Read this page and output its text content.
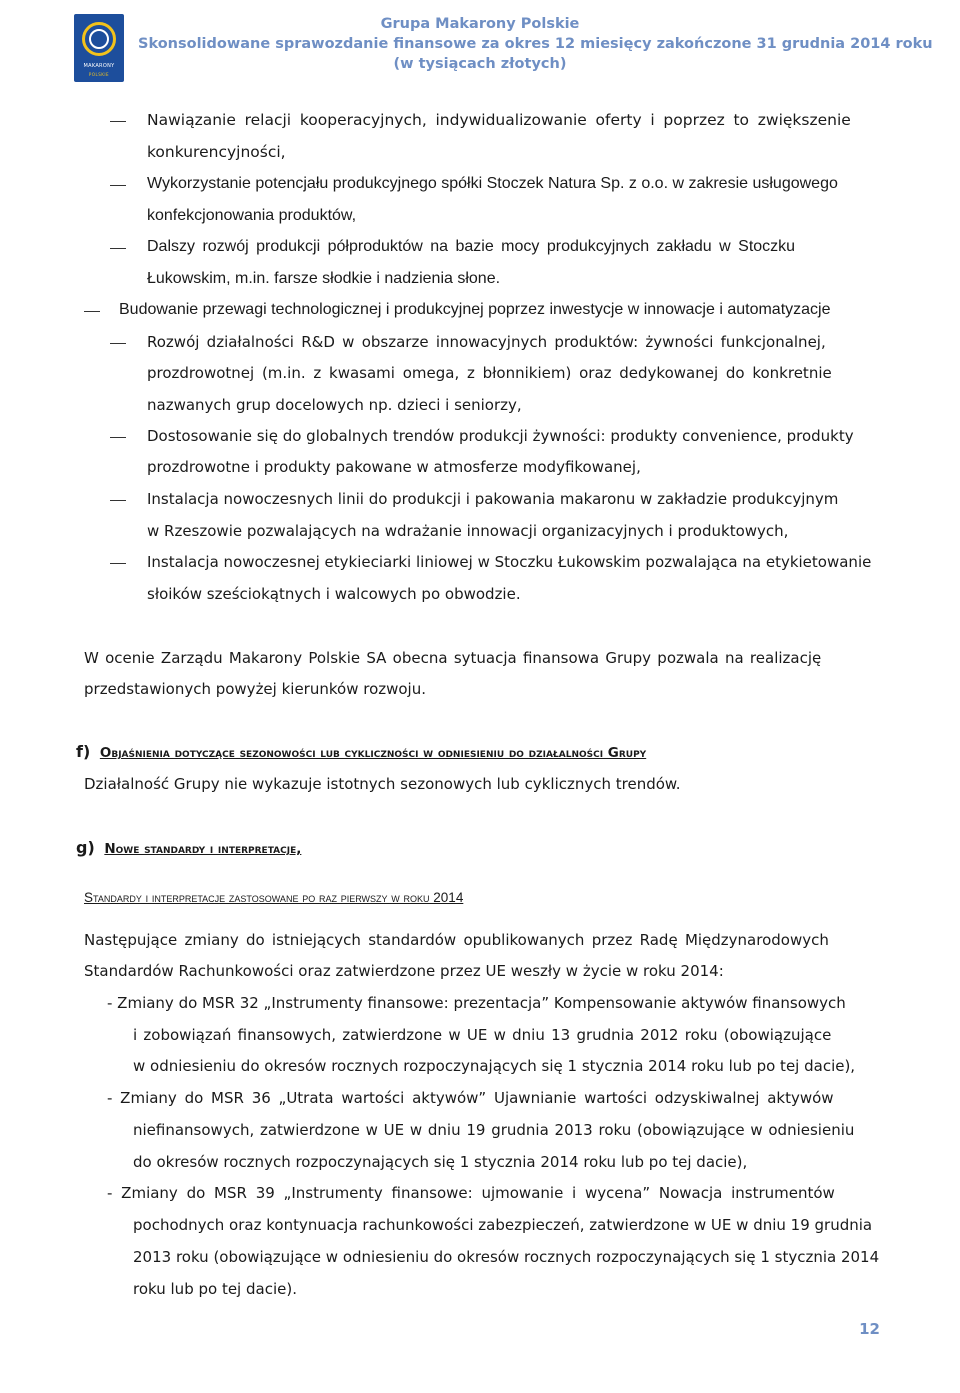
MAKARONY
POLSKIE
Grupa Makarony Polskie
Skonsolidowane sprawozdanie finansowe za okres 12 miesięcy zakończone 31 grudnia 2014 roku
(w tysiącach złotych)
Nawiązanie relacji kooperacyjnych, indywidualizowanie oferty i poprzez to zwiększenie
konkurencyjności,
Wykorzystanie potencjału produkcyjnego spółki Stoczek Natura Sp. z o.o. w zakresie usługowego
konfekcjonowania produktów,
Dalszy rozwój produkcji półproduktów na bazie mocy produkcyjnych zakładu w Stoczku
Łukowskim, m.in. farsze słodkie i nadzienia słone.
Budowanie przewagi technologicznej i produkcyjnej poprzez inwestycje w innowacje i automatyzacje
Rozwój działalności R&D w obszarze innowacyjnych produktów: żywności funkcjonalnej,
prozdrowotnej (m.in. z kwasami omega, z błonnikiem) oraz dedykowanej do konkretnie
nazwanych grup docelowych np. dzieci i seniorzy,
Dostosowanie się do globalnych trendów produkcji żywności: produkty convenience, produkty
prozdrowotne i produkty pakowane w atmosferze modyfikowanej,
Instalacja nowoczesnych linii do produkcji i pakowania makaronu w zakładzie produkcyjnym
w Rzeszowie pozwalających na wdrażanie innowacji organizacyjnych i produktowych,
Instalacja nowoczesnej etykieciarki liniowej w Stoczku Łukowskim pozwalająca na etykietowanie
słoików sześciokątnych i walcowych po obwodzie.
W ocenie Zarządu Makarony Polskie SA obecna sytuacja finansowa Grupy pozwala na realizację
przedstawionych powyżej kierunków rozwoju.
f) Objaśnienia dotyczące sezonowości lub cykliczności w odniesieniu do działalności Grupy
Działalność Grupy nie wykazuje istotnych sezonowych lub cyklicznych trendów.
g) Nowe standardy i interpretacje,
Standardy i interpretacje zastosowane po raz pierwszy w roku 2014
Następujące zmiany do istniejących standardów opublikowanych przez Radę Międzynarodowych
Standardów Rachunkowości oraz zatwierdzone przez UE weszły w życie w roku 2014:
- Zmiany do MSR 32 „Instrumenty finansowe: prezentacja” Kompensowanie aktywów finansowych
i zobowiązań finansowych, zatwierdzone w UE w dniu 13 grudnia 2012 roku (obowiązujące
w odniesieniu do okresów rocznych rozpoczynających się 1 stycznia 2014 roku lub po tej dacie),
- Zmiany do MSR 36 „Utrata wartości aktywów” Ujawnianie wartości odzyskiwalnej aktywów
niefinansowych, zatwierdzone w UE w dniu 19 grudnia 2013 roku (obowiązujące w odniesieniu
do okresów rocznych rozpoczynających się 1 stycznia 2014 roku lub po tej dacie),
- Zmiany do MSR 39 „Instrumenty finansowe: ujmowanie i wycena” Nowacja instrumentów
pochodnych oraz kontynuacja rachunkowości zabezpieczeń, zatwierdzone w UE w dniu 19 grudnia
2013 roku (obowiązujące w odniesieniu do okresów rocznych rozpoczynających się 1 stycznia 2014
roku lub po tej dacie).
12
